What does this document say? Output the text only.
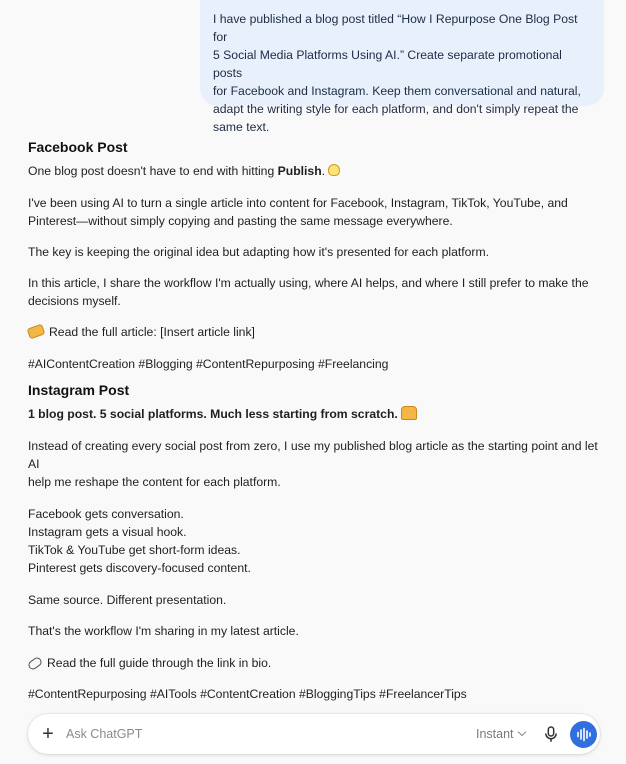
I have published a blog post titled “How I Repurpose One Blog Post for
5 Social Media Platforms Using AI.” Create separate promotional posts
for Facebook and Instagram. Keep them conversational and natural,
adapt the writing style for each platform, and don't simply repeat the
same text.
Facebook Post

One blog post doesn't have to end with hitting Publish.

I've been using AI to turn a single article into content for Facebook, Instagram, TikTok, YouTube, and
Pinterest—without simply copying and pasting the same message everywhere.

The key is keeping the original idea but adapting how it's presented for each platform.

In this article, I share the workflow I'm actually using, where AI helps, and where I still prefer to make the
decisions myself.

Read the full article: [Insert article link]

#AIContentCreation #Blogging #ContentRepurposing #Freelancing

Instagram Post

1 blog post. 5 social platforms. Much less starting from scratch.

Instead of creating every social post from zero, I use my published blog article as the starting point and let AI
help me reshape the content for each platform.

Facebook gets conversation.
Instagram gets a visual hook.
TikTok & YouTube get short-form ideas.
Pinterest gets discovery-focused content.

Same source. Different presentation.

That's the workflow I'm sharing in my latest article.

Read the full guide through the link in bio.

#ContentRepurposing #AITools #ContentCreation #BloggingTips #FreelancerTips

+ Ask ChatGPT	Instant
